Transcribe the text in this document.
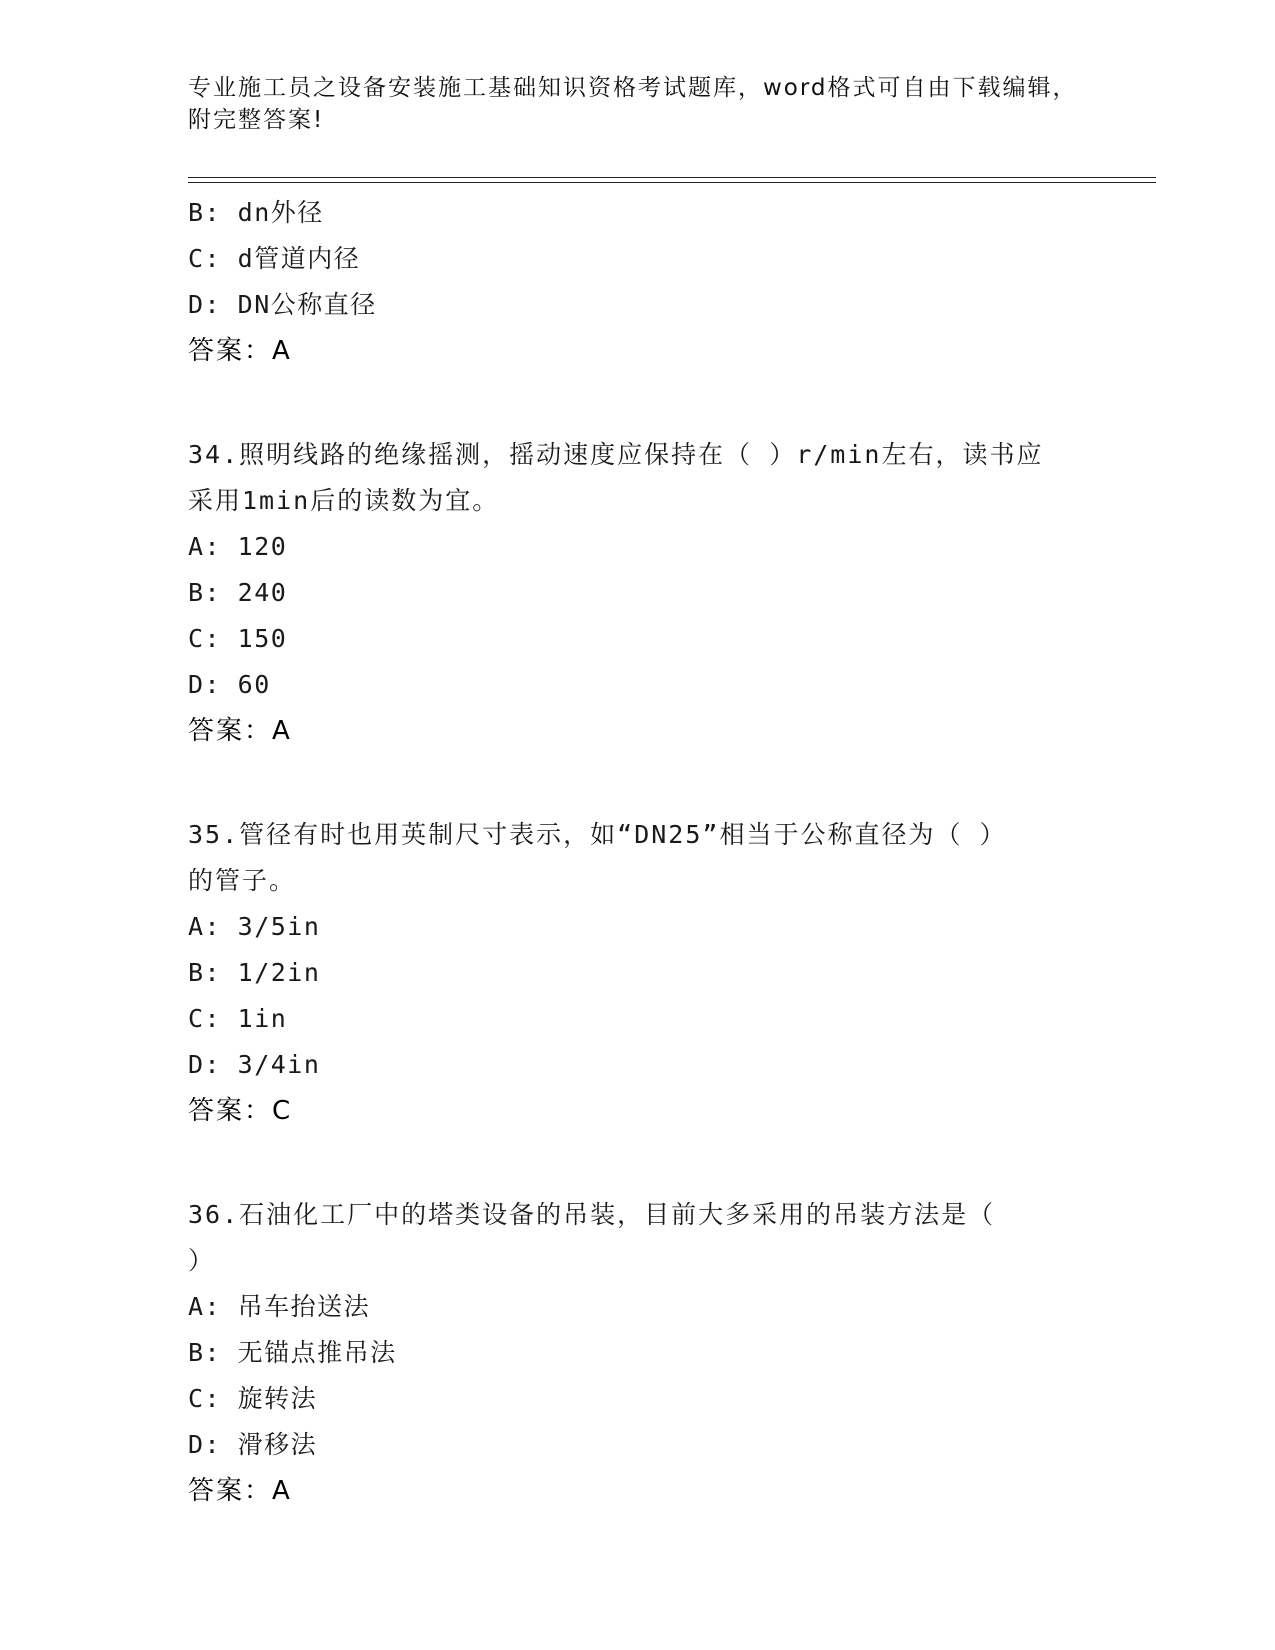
专业施工员之设备安装施工基础知识资格考试题库，word格式可自由下载编辑，
附完整答案!
B: dn外径
C: d管道内径
D: DN公称直径
答案：A
34.照明线路的绝缘摇测，摇动速度应保持在（ ）r/min左右，读书应
采用1min后的读数为宜。
A: 120
B: 240
C: 150
D: 60
答案：A
35.管径有时也用英制尺寸表示，如“DN25”相当于公称直径为（ ）
的管子。
A: 3/5in
B: 1/2in
C: 1in
D: 3/4in
答案：C
36.石油化工厂中的塔类设备的吊装，目前大多采用的吊装方法是（
）
A: 吊车抬送法
B: 无锚点推吊法
C: 旋转法
D: 滑移法
答案：A
